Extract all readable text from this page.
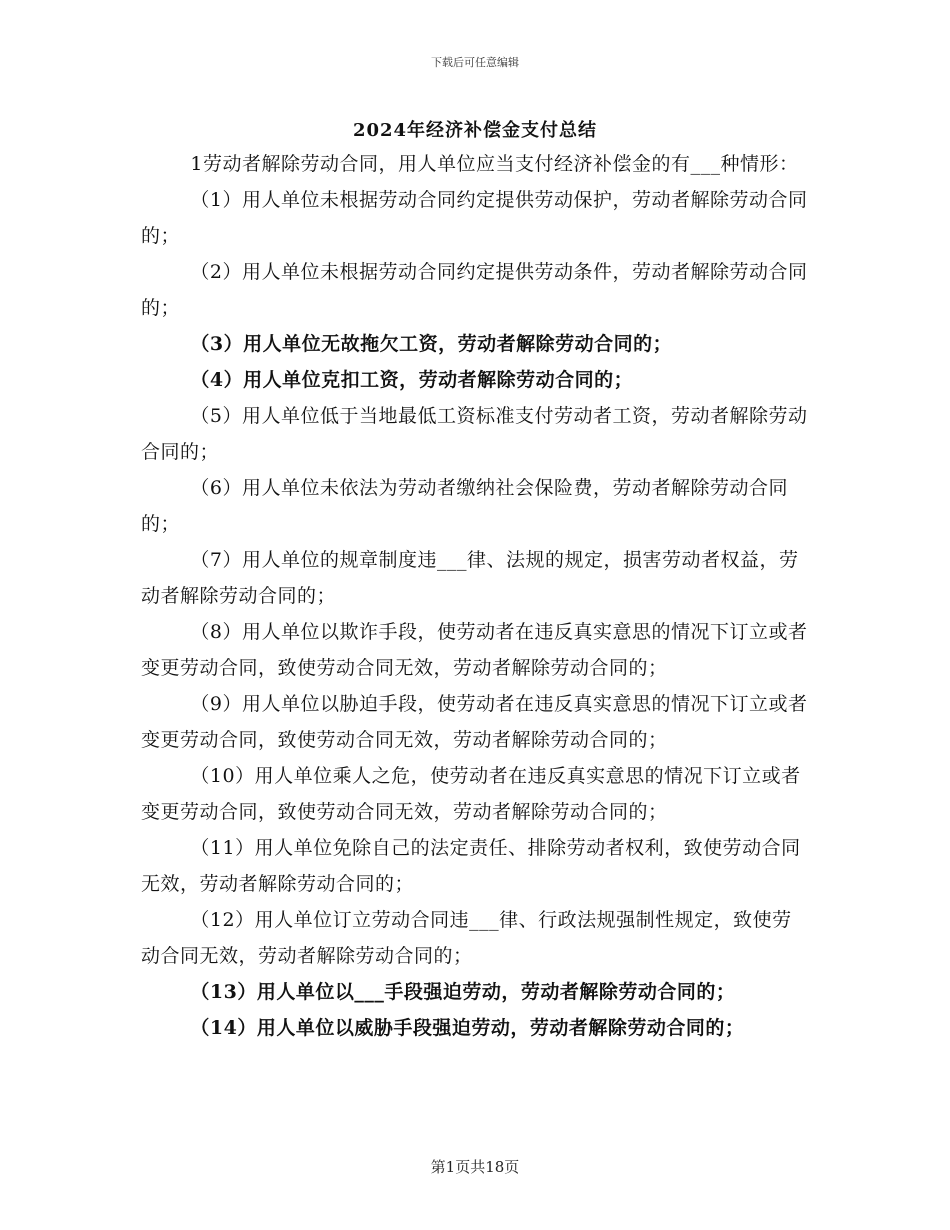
下载后可任意编辑
2024年经济补偿金支付总结

1劳动者解除劳动合同，用人单位应当支付经济补偿金的有___种情形：

（1）用人单位未根据劳动合同约定提供劳动保护，劳动者解除劳动合同的；

（2）用人单位未根据劳动合同约定提供劳动条件，劳动者解除劳动合同的；

（3）用人单位无故拖欠工资，劳动者解除劳动合同的；

（4）用人单位克扣工资，劳动者解除劳动合同的；

（5）用人单位低于当地最低工资标准支付劳动者工资，劳动者解除劳动合同的；

（6）用人单位未依法为劳动者缴纳社会保险费，劳动者解除劳动合同的；

（7）用人单位的规章制度违___律、法规的规定，损害劳动者权益，劳动者解除劳动合同的；

（8）用人单位以欺诈手段，使劳动者在违反真实意思的情况下订立或者变更劳动合同，致使劳动合同无效，劳动者解除劳动合同的；

（9）用人单位以胁迫手段，使劳动者在违反真实意思的情况下订立或者变更劳动合同，致使劳动合同无效，劳动者解除劳动合同的；

（10）用人单位乘人之危，使劳动者在违反真实意思的情况下订立或者变更劳动合同，致使劳动合同无效，劳动者解除劳动合同的；

（11）用人单位免除自己的法定责任、排除劳动者权利，致使劳动合同无效，劳动者解除劳动合同的；

（12）用人单位订立劳动合同违___律、行政法规强制性规定，致使劳动合同无效，劳动者解除劳动合同的；

（13）用人单位以___手段强迫劳动，劳动者解除劳动合同的；

（14）用人单位以威胁手段强迫劳动，劳动者解除劳动合同的；

第1页共18页
